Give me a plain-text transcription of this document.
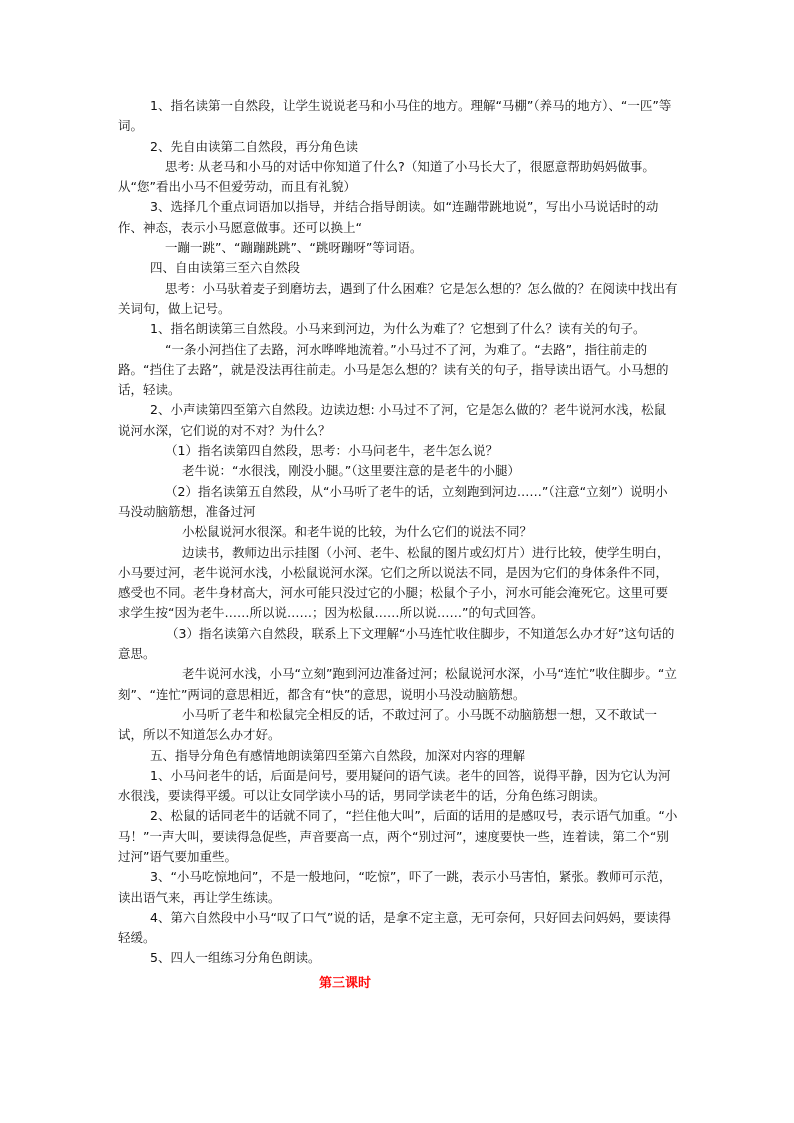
1、指名读第一自然段，让学生说说老马和小马住的地方。理解“马棚”（养马的地方）、“一匹”等词。

2、先自由读第二自然段，再分角色读

思考: 从老马和小马的对话中你知道了什么?（知道了小马长大了，很愿意帮助妈妈做事。从“您”看出小马不但爱劳动，而且有礼貌）

3、选择几个重点词语加以指导，并结合指导朗读。如“连蹦带跳地说”，写出小马说话时的动作、神态，表示小马愿意做事。还可以换上“

一蹦一跳”、“蹦蹦跳跳”、“跳呀蹦呀”等词语。

四、自由读第三至六自然段

思考：小马驮着麦子到磨坊去，遇到了什么困难？它是怎么想的？怎么做的？在阅读中找出有关词句，做上记号。

1、指名朗读第三自然段。小马来到河边，为什么为难了？它想到了什么？读有关的句子。

“一条小河挡住了去路，河水哗哗地流着。”小马过不了河，为难了。“去路”，指往前走的路。“挡住了去路”，就是没法再往前走。小马是怎么想的？读有关的句子，指导读出语气。小马想的话，轻读。

2、小声读第四至第六自然段。边读边想: 小马过不了河，它是怎么做的？老牛说河水浅，松鼠说河水深，它们说的对不对？为什么？

（1）指名读第四自然段，思考：小马问老牛，老牛怎么说？

老牛说：“水很浅，刚没小腿。”（这里要注意的是老牛的小腿）

（2）指名读第五自然段，从“小马听了老牛的话，立刻跑到河边……”（注意“立刻”）说明小马没动脑筋想，准备过河

小松鼠说河水很深。和老牛说的比较，为什么它们的说法不同？

边读书，教师边出示挂图（小河、老牛、松鼠的图片或幻灯片）进行比较，使学生明白，小马要过河，老牛说河水浅，小松鼠说河水深。它们之所以说法不同，是因为它们的身体条件不同，感受也不同。老牛身材高大，河水可能只没过它的小腿；松鼠个子小，河水可能会淹死它。这里可要求学生按“因为老牛……所以说……；因为松鼠……所以说……”的句式回答。

（3）指名读第六自然段，联系上下文理解“小马连忙收住脚步，不知道怎么办才好”这句话的意思。

老牛说河水浅，小马“立刻”跑到河边准备过河；松鼠说河水深，小马“连忙”收住脚步。“立刻”、“连忙”两词的意思相近，都含有“快”的意思，说明小马没动脑筋想。

小马听了老牛和松鼠完全相反的话，不敢过河了。小马既不动脑筋想一想，又不敢试一试，所以不知道怎么办才好。

五、指导分角色有感情地朗读第四至第六自然段，加深对内容的理解

1、小马问老牛的话，后面是问号，要用疑问的语气读。老牛的回答，说得平静，因为它认为河水很浅，要读得平缓。可以让女同学读小马的话，男同学读老牛的话，分角色练习朗读。

2、松鼠的话同老牛的话就不同了，“拦住他大叫”，后面的话用的是感叹号，表示语气加重。“小马！”一声大叫，要读得急促些，声音要高一点，两个“别过河”，速度要快一些，连着读，第二个“别过河”语气要加重些。

3、“小马吃惊地问”，不是一般地问，“吃惊”，吓了一跳，表示小马害怕，紧张。教师可示范，读出语气来，再让学生练读。

4、第六自然段中小马“叹了口气”说的话，是拿不定主意，无可奈何，只好回去问妈妈，要读得轻缓。

5、四人一组练习分角色朗读。

第三课时
